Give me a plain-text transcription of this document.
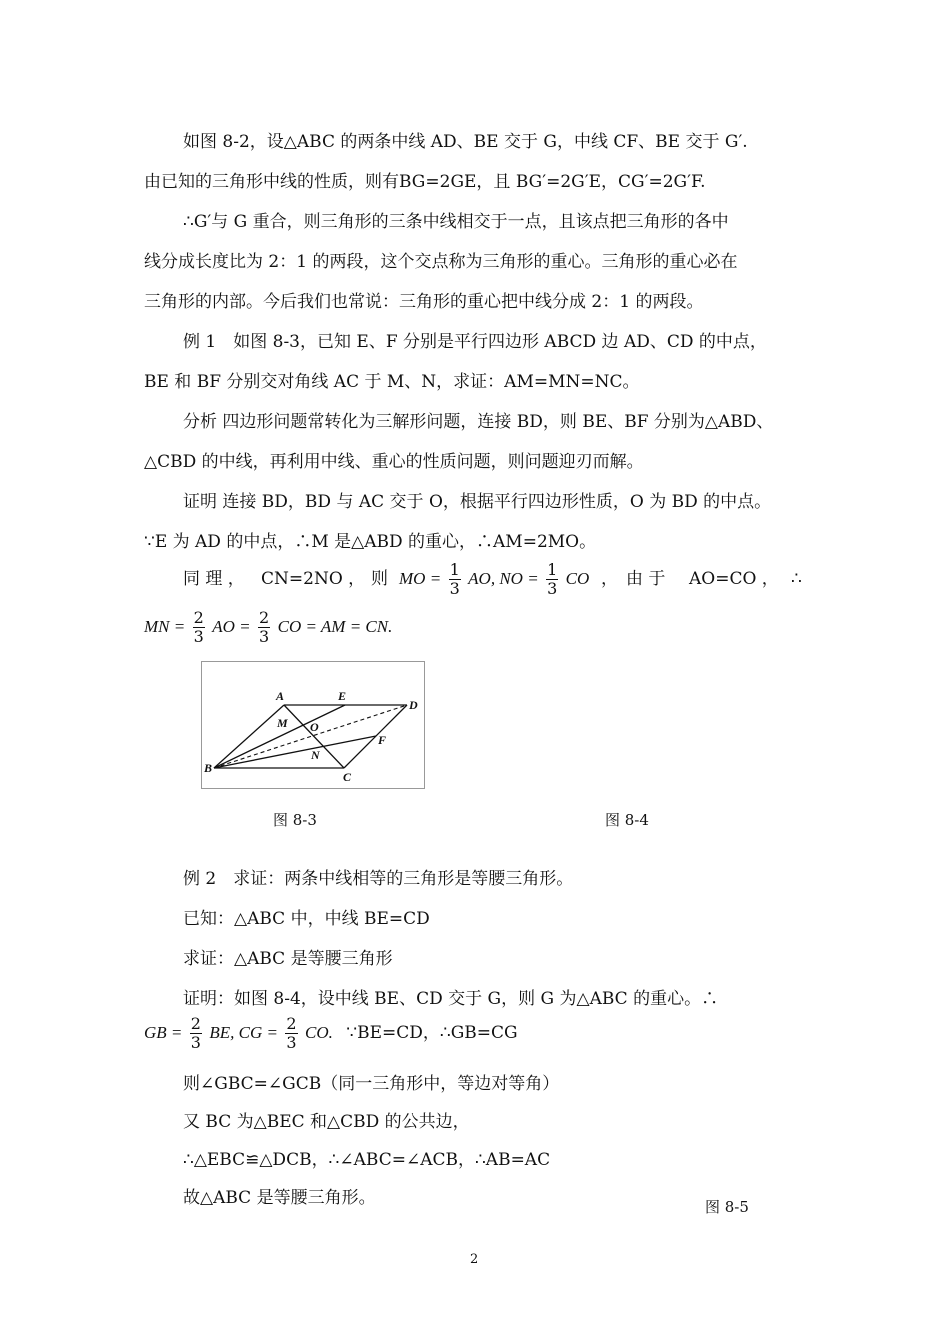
如图 8-2，设△ABC 的两条中线 AD、BE 交于 G，中线 CF、BE 交于 G′.
由已知的三角形中线的性质，则有BG=2GE，且 BG′=2G′E，CG′=2G′F.
∴G′与 G 重合，则三角形的三条中线相交于一点，且该点把三角形的各中
线分成长度比为 2：1 的两段，这个交点称为三角形的重心。三角形的重心必在
三角形的内部。今后我们也常说：三角形的重心把中线分成 2：1 的两段。
例 1　如图 8-3，已知 E、F 分别是平行四边形 ABCD 边 AD、CD 的中点，
BE 和 BF 分别交对角线 AC 于 M、N，求证：AM=MN=NC。
分析 四边形问题常转化为三解形问题，连接 BD，则 BE、BF 分别为△ABD、
△CBD 的中线，再利用中线、重心的性质问题，则问题迎刃而解。
证明 连接 BD，BD 与 AC 交于 O，根据平行四边形性质，O 为 BD 的中点。
∵E 为 AD 的中点，∴M 是△ABD 的重心，∴AM=2MO。
同 理 ， CN=2NO ， 则 MO = $\frac{1}{3}$ AO, NO = $\frac{1}{3}$ CO ， 由 于 AO=CO ， ∴
MN = $\frac{2}{3}$ AO = $\frac{2}{3}$ CO = AM = CN.
A	E
D
M O
F
B
N
C
图 8-3	图 8-4
例 2　求证：两条中线相等的三角形是等腰三角形。
已知：△ABC 中，中线 BE=CD
求证：△ABC 是等腰三角形
证明：如图 8-4，设中线 BE、CD 交于 G，则 G 为△ABC 的重心。∴
GB = $\frac{2}{3}$ BE, CG = $\frac{2}{3}$ CO. ∵BE=CD，∴GB=CG
则∠GBC=∠GCB（同一三角形中，等边对等角）
又 BC 为△BEC 和△CBD 的公共边，
∴△EBC≌△DCB，∴∠ABC=∠ACB，∴AB=AC
故△ABC 是等腰三角形。	图 8-5
2
